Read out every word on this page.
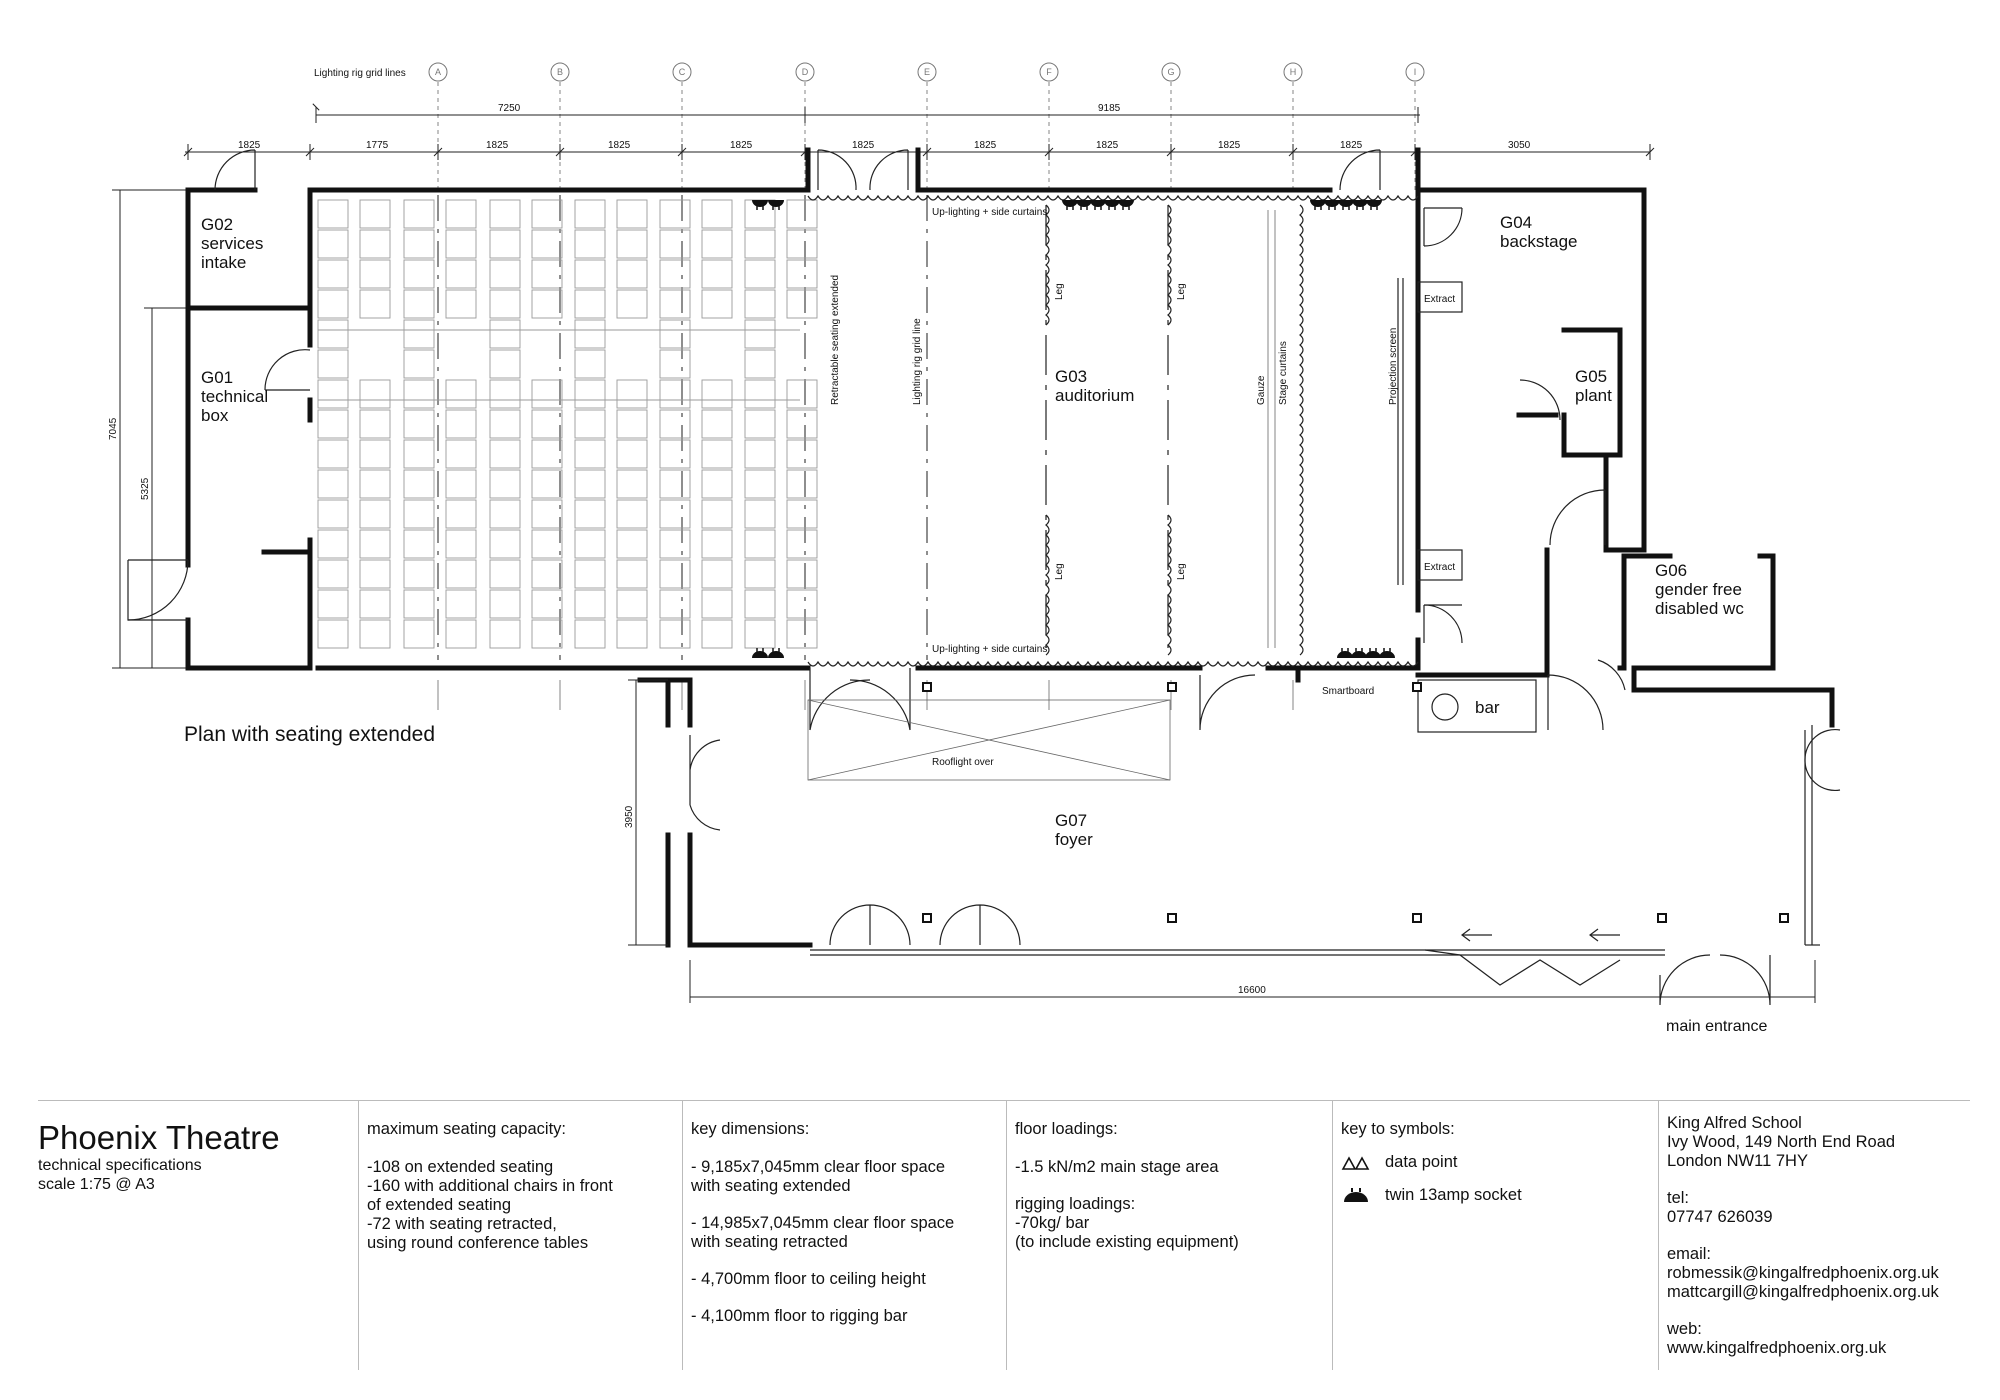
Lighting rig grid lines	A	B	C	D	E	F	G	H	I
7250	9185
1825	1775	1825	1825	1825	1825	1825	1825	1825	1825	3050
7045
5325
Extract
Extract
3950
16600
G02 services intake
G01 technical box
G03 auditorium
G04 backstage
G05 plant
G06 gender free disabled wc
G07 foyer
Up-lighting + side curtains
Up-lighting + side curtains
Retractable seating extended	Lighting rig grid line
Leg	Leg
Leg	Leg
Gauze Stage curtains	Projection screen
Smartboard
bar
Rooflight over
main entrance
Plan with seating extended

Phoenix Theatre

technical specifications
scale 1:75 @ A3

maximum seating capacity:

-108 on extended seating
-160 with additional chairs in front
of extended seating
-72 with seating retracted,
using round conference tables

key dimensions:

- 9,185x7,045mm clear floor space
with seating extended

- 14,985x7,045mm clear floor space
with seating retracted

- 4,700mm floor to ceiling height

- 4,100mm floor to rigging bar

floor loadings:

-1.5 kN/m2 main stage area

rigging loadings:

-70kg/ bar
(to include existing equipment)

key to symbols:

data point
twin 13amp socket

King Alfred School
Ivy Wood, 149 North End Road
London NW11 7HY

tel:

07747 626039

email:

robmessik@kingalfredphoenix.org.uk
mattcargill@kingalfredphoenix.org.uk

web:

www.kingalfredphoenix.org.uk
